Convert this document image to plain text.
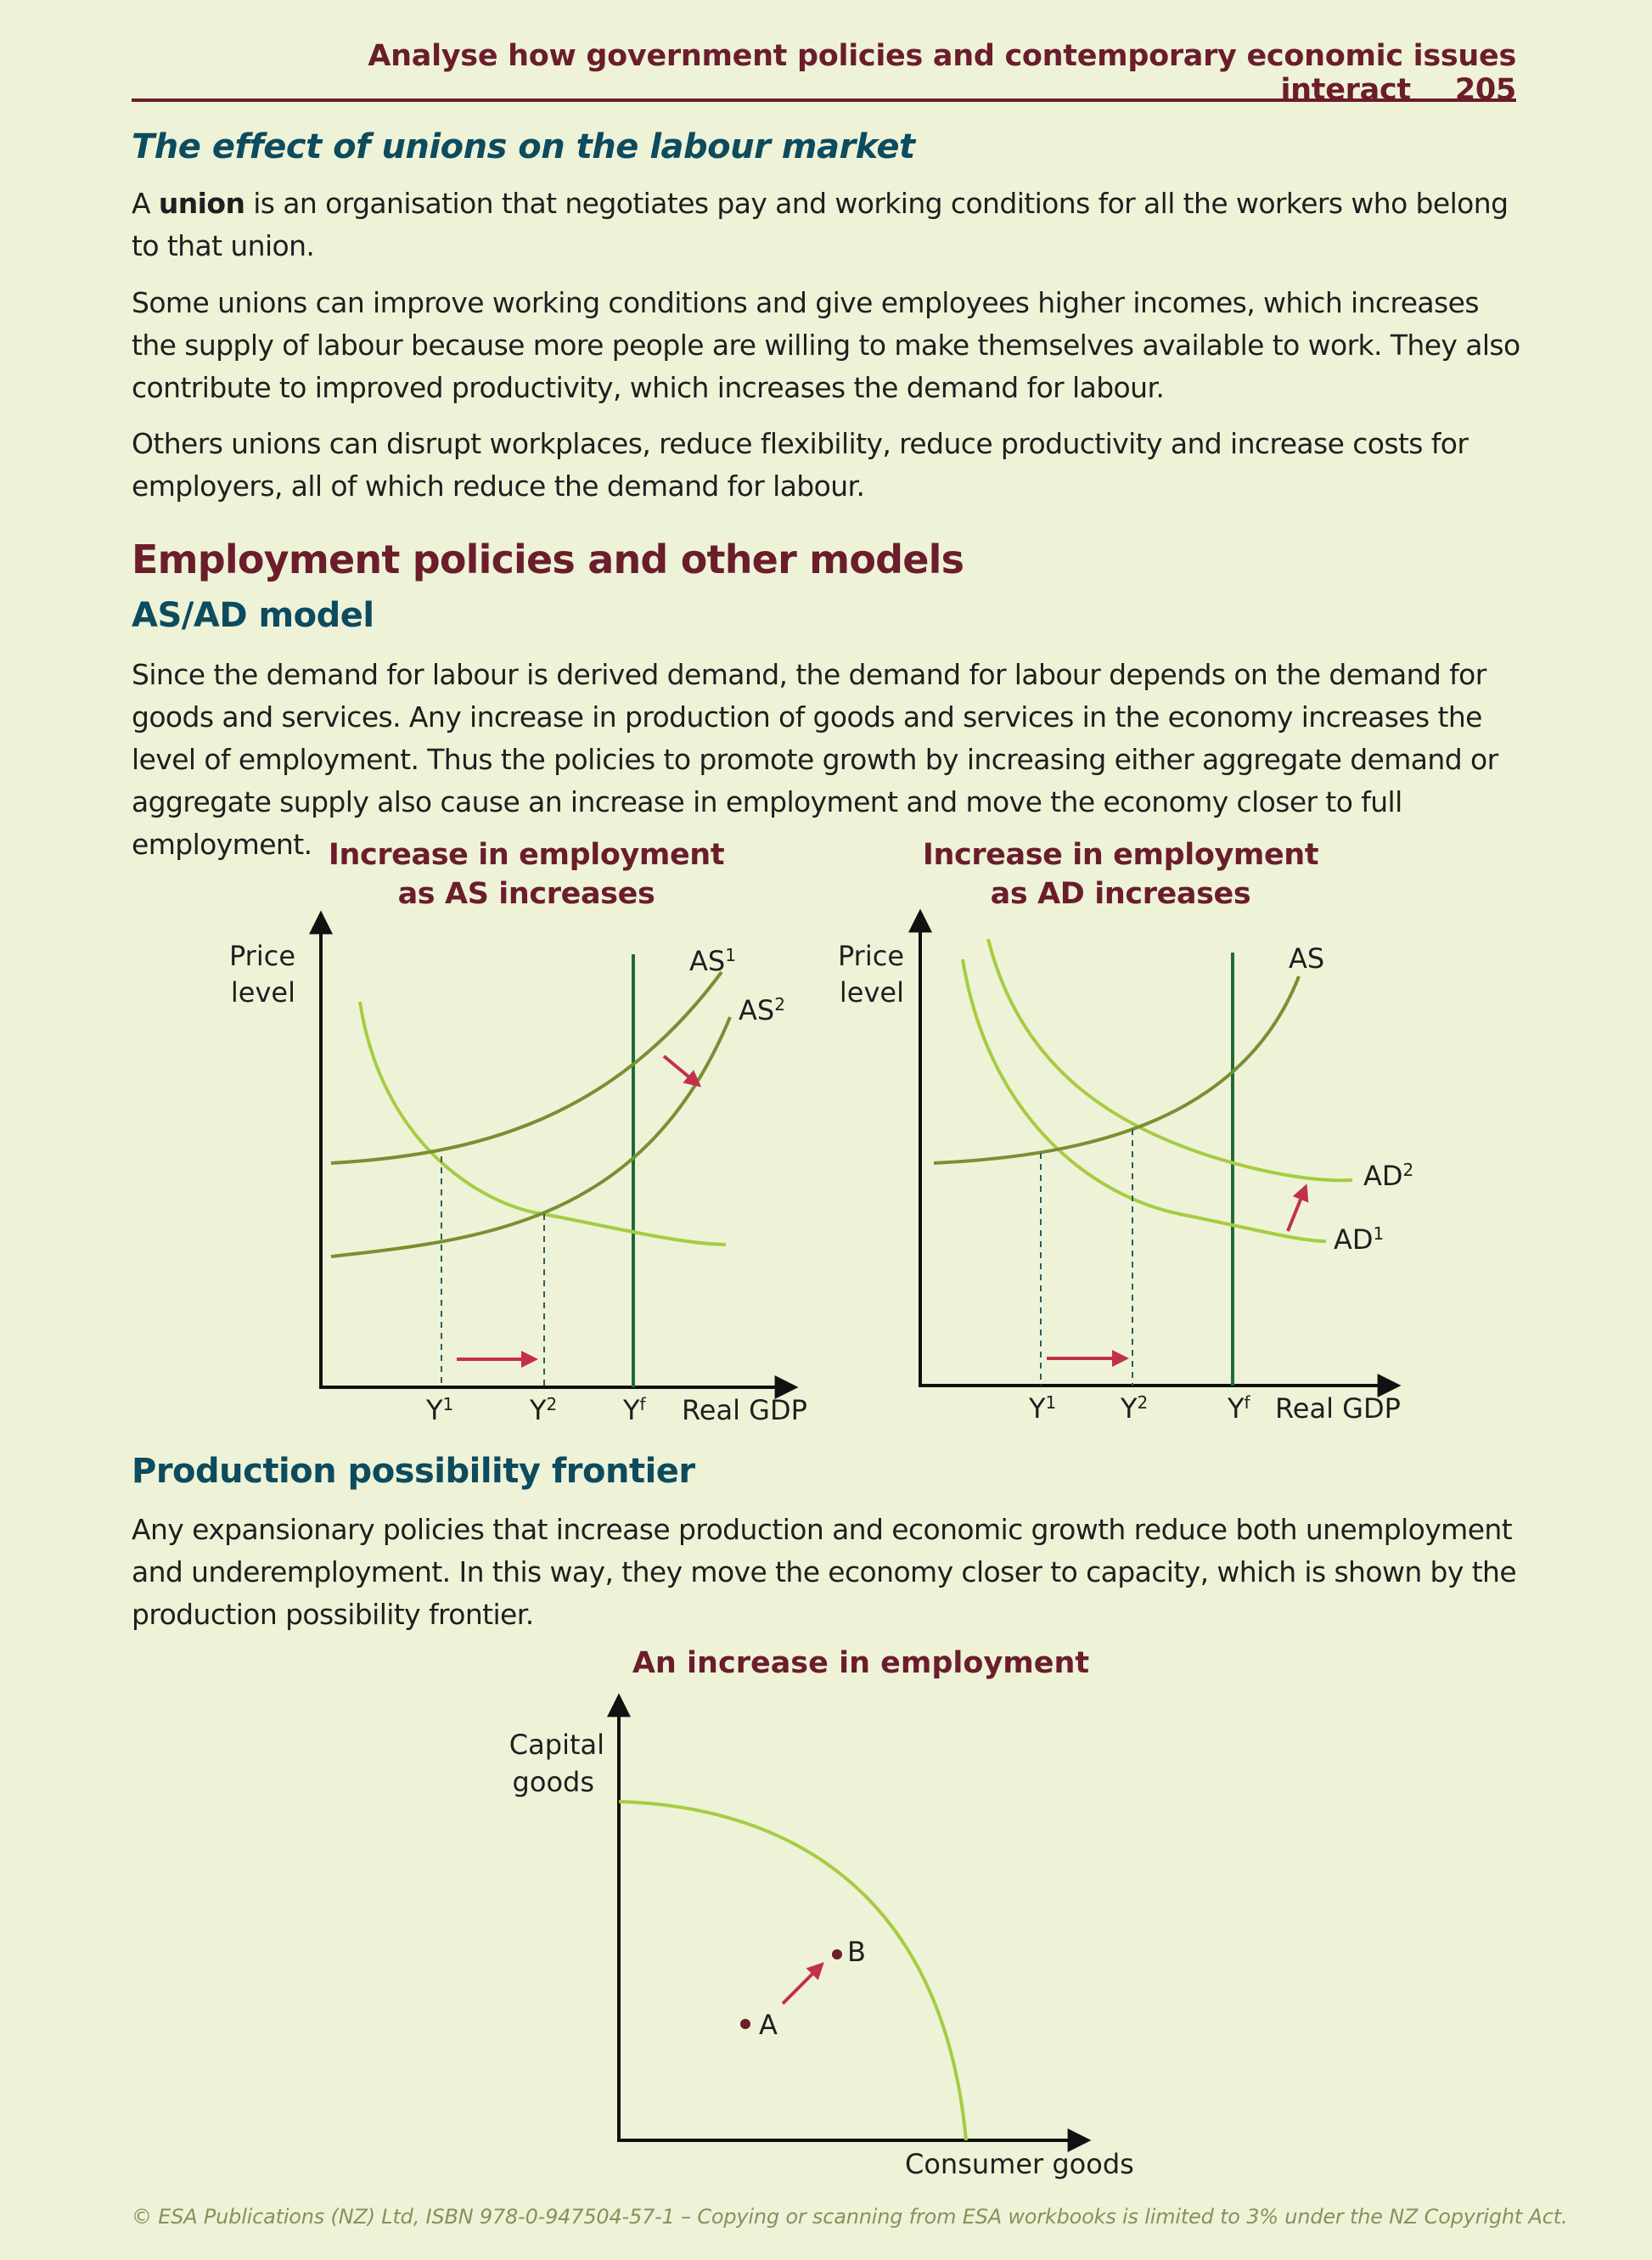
Analyse how government policies and contemporary economic issues interact 205
The effect of unions on the labour market
A union is an organisation that negotiates pay and working conditions for all the workers who belong to that union.
Some unions can improve working conditions and give employees higher incomes, which increases the supply of labour because more people are willing to make themselves available to work. They also contribute to improved productivity, which increases the demand for labour.
Others unions can disrupt workplaces, reduce flexibility, reduce productivity and increase costs for employers, all of which reduce the demand for labour.
Employment policies and other models
AS/AD model
Since the demand for labour is derived demand, the demand for labour depends on the demand for goods and services. Any increase in production of goods and services in the economy increases the level of employment. Thus the policies to promote growth by increasing either aggregate demand or aggregate supply also cause an increase in employment and move the economy closer to full employment. Increase in employment
as AS increases
Increase in employment
as AD increases
Price
level
$AS^1$
$AS^2$
$Y^1$	$Y^2$ $Y^f$ Real GDP
Price
level
AS
$AD^2$
$AD^1$
$Y^1$ $Y^2$	$Y^f$ Real GDP
An increase in employment
Capital
goods
A
B
Consumer goods
Production possibility frontier
Any expansionary policies that increase production and economic growth reduce both unemployment and underemployment. In this way, they move the economy closer to capacity, which is shown by the production possibility frontier.
© ESA Publications (NZ) Ltd, ISBN 978-0-947504-57-1 – Copying or scanning from ESA workbooks is limited to 3% under the NZ Copyright Act.
